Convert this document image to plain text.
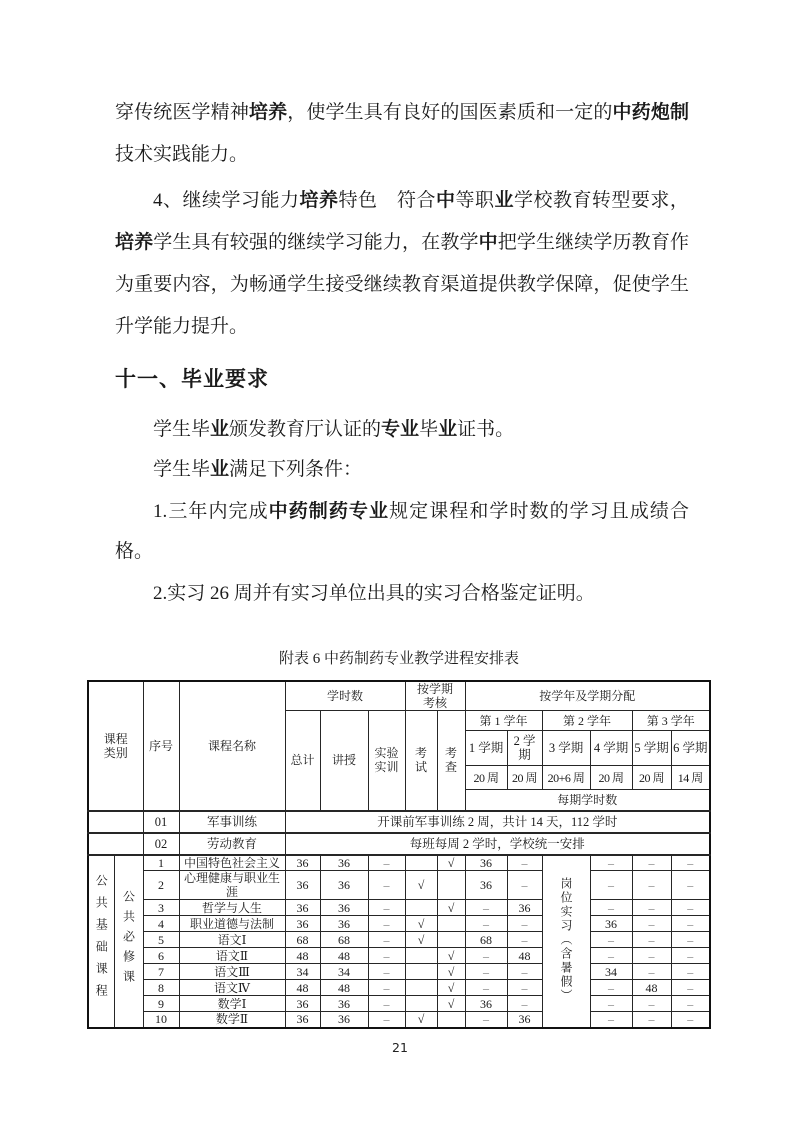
穿传统医学精神培养，使学生具有良好的国医素质和一定的中药炮制技术实践能力。

4、继续学习能力培养特色　符合中等职业学校教育转型要求，培养学生具有较强的继续学习能力，在教学中把学生继续学历教育作为重要内容，为畅通学生接受继续教育渠道提供教学保障，促使学生升学能力提升。

十一、毕业要求

学生毕业颁发教育厅认证的专业毕业证书。

学生毕业满足下列条件：

1.三年内完成中药制药专业规定课程和学时数的学习且成绩合格。

2.实习 26 周并有实习单位出具的实习合格鉴定证明。

附表 6 中药制药专业教学进程安排表
课程类别		序号	课程名称	学时数			按学期考核		按学年及学期分配					
				总计	讲授	实验实训	考试	考查	第 1 学年		第 2 学年		第 3 学年	
									1 学期	2 学期	3 学期	4 学期	5 学期	6 学期
									20 周	20 周	20+6 周	20 周	20 周	14 周
									每期学时数					
		01	军事训练	开课前军事训练 2 周，共计 14 天，112 学时										
		02	劳动教育	每班每周 2 学时，学校统一安排										
公共基础课程	公共必修课	1	中国特色社会主义	36	36	–		√	36	–	岗位实习（含暑假）	–	–	–
		2	心理健康与职业生涯	36	36	–	√		36	–		–	–	–
		3	哲学与人生	36	36	–		√	–	36		–	–	–
		4	职业道德与法制	36	36	–	√		–	–		36	–	–
		5	语文Ⅰ	68	68	–	√		68	–		–	–	–
		6	语文Ⅱ	48	48	–		√	–	48		–	–	–
		7	语文Ⅲ	34	34	–		√	–	–		34	–	–
		8	语文Ⅳ	48	48	–		√	–	–		–	48	–
		9	数学Ⅰ	36	36	–		√	36	–		–	–	–
		10	数学Ⅱ	36	36	–	√		–	36		–	–	–
21
